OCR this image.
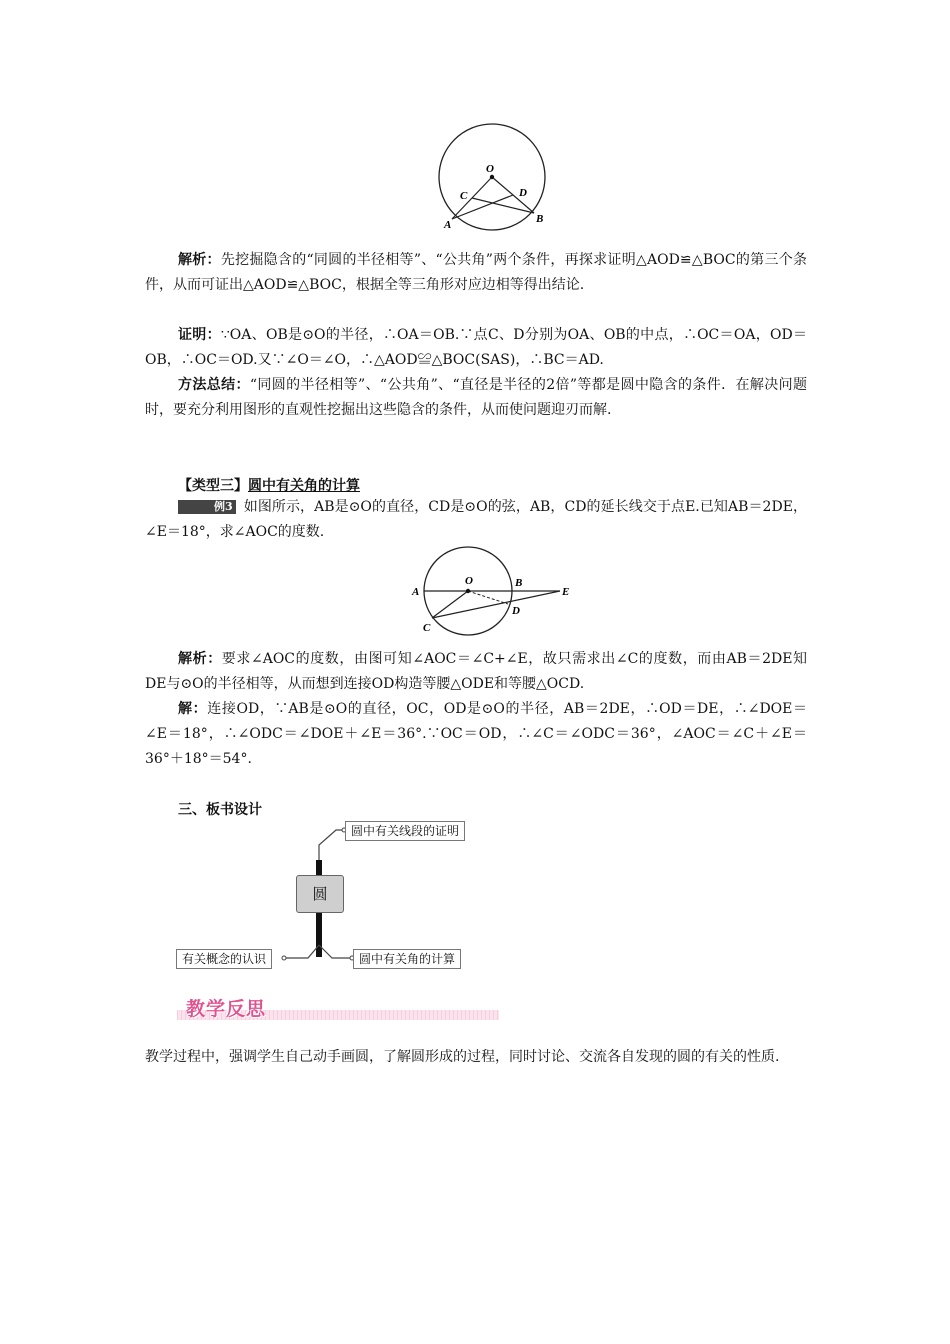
O
C	D
A	B

解析：先挖掘隐含的“同圆的半径相等”、“公共角”两个条件，再探求证明△AOD≌△BOC的第三个条件，从而可证出△AOD≌△BOC，根据全等三角形对应边相等得出结论.

证明：∵OA、OB是⊙O的半径，∴OA＝OB.∵点C、D分别为OA、OB的中点，∴OC＝OA，OD＝OB，∴OC＝OD.又∵∠O＝∠O，∴△AOD≌△BOC(SAS)，∴BC＝AD.

方法总结：“同圆的半径相等”、“公共角”、“直径是半径的2倍”等都是圆中隐含的条件．在解决问题时，要充分利用图形的直观性挖掘出这些隐含的条件，从而使问题迎刃而解.

【类型三】圆中有关角的计算

例3 如图所示，AB是⊙O的直径，CD是⊙O的弦，AB，CD的延长线交于点E.已知AB＝2DE，∠E＝18°，求∠AOC的度数.

O
A
B
E
D
C

解析：要求∠AOC的度数，由图可知∠AOC＝∠C+∠E，故只需求出∠C的度数，而由AB＝2DE知DE与⊙O的半径相等，从而想到连接OD构造等腰△ODE和等腰△OCD.

解：连接OD，∵AB是⊙O的直径，OC，OD是⊙O的半径，AB＝2DE，∴OD＝DE，∴∠DOE＝∠E＝18°，∴∠ODC＝∠DOE＋∠E＝36°.∵OC＝OD，∴∠C＝∠ODC＝36°，∠AOC＝∠C＋∠E＝36°＋18°＝54°.

三、板书设计
圆
圆中有关线段的证明
有关概念的认识	圆中有关角的计算
教学反思

教学过程中，强调学生自己动手画圆，了解圆形成的过程，同时讨论、交流各自发现的圆的有关的性质.
